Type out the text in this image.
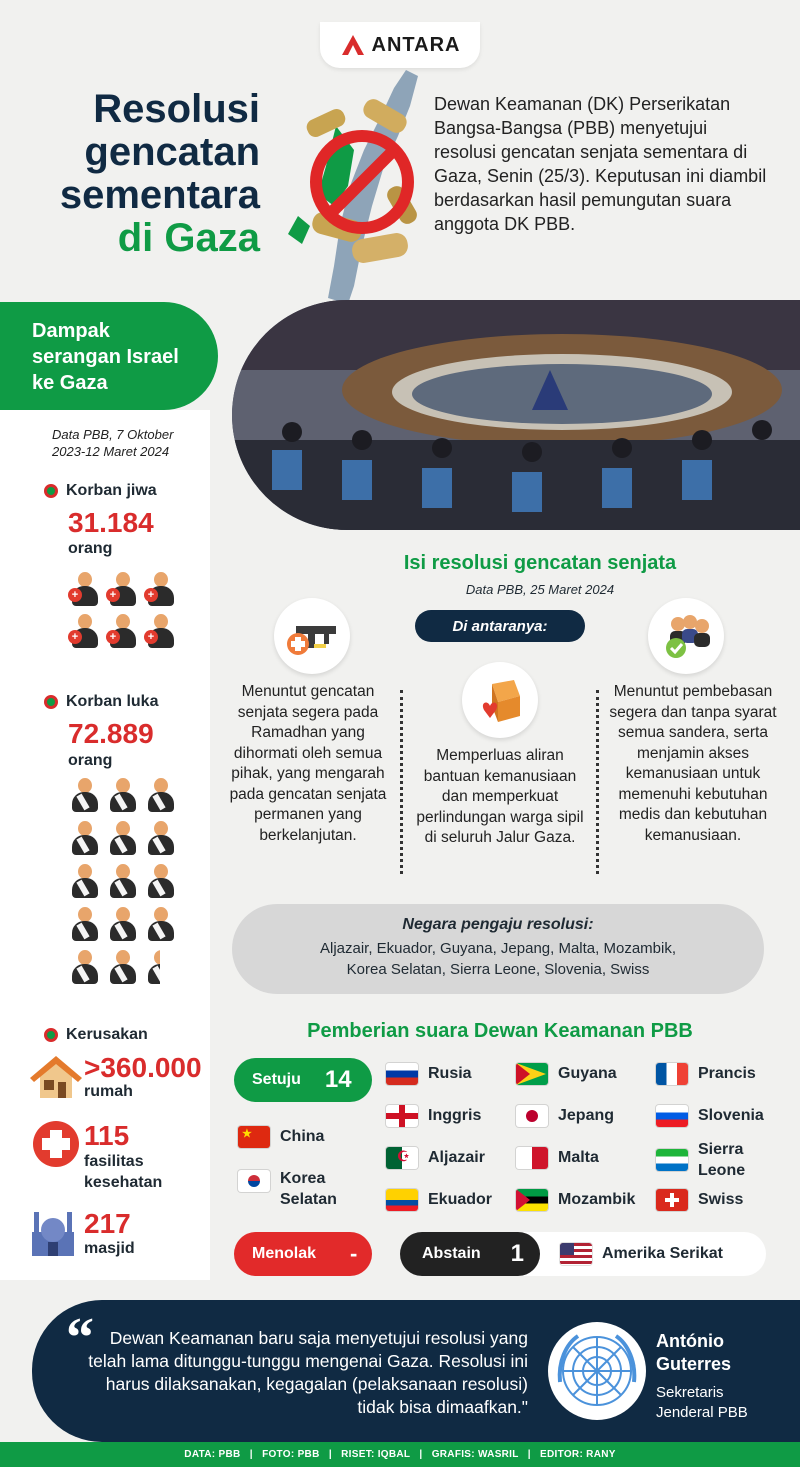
ANTARA
Resolusi
gencatan
sementara
di Gaza
Dewan Keamanan (DK) Perserikatan Bangsa-Bangsa (PBB) menyetujui resolusi gencatan senjata sementara di Gaza, Senin (25/3). Keputusan ini diambil berdasarkan hasil pemungutan suara anggota DK PBB.
Dampak
serangan Israel
ke Gaza
Data PBB, 7 Oktober
2023-12 Maret 2024
Korban jiwa
31.184
orang
+	+	+
+	+	+
Korban luka
72.889
orang
Kerusakan
>360.000
rumah
115
fasilitas
kesehatan
217
masjid
Isi resolusi gencatan senjata
Data PBB, 25 Maret 2024
Di antaranya:
Menuntut gencatan senjata segera pada Ramadhan yang dihormati oleh semua pihak, yang mengarah pada gencatan senjata permanen yang berkelanjutan.
Memperluas aliran bantuan kemanusiaan dan memperkuat perlindungan warga sipil di seluruh Jalur Gaza.
Menuntut pembebasan segera dan tanpa syarat semua sandera, serta menjamin akses kemanusiaan untuk memenuhi kebutuhan medis dan kebutuhan kemanusiaan.
Negara pengaju resolusi:
Aljazair, Ekuador, Guyana, Jepang, Malta, Mozambik,
Korea Selatan, Sierra Leone, Slovenia, Swiss
Pemberian suara Dewan Keamanan PBB
Setuju 14
★ China
Korea Selatan
Rusia
Inggris
☪ Aljazair
Ekuador
Guyana
Jepang
Malta
Mozambik
Prancis
Slovenia
Sierra Leone
Swiss
Menolak -	Abstain 1	Amerika Serikat
“ Dewan Keamanan baru saja menyetujui resolusi yang telah lama ditunggu-tunggu mengenai Gaza. Resolusi ini harus dilaksanakan, kegagalan (pelaksanaan resolusi) tidak bisa dimaafkan."
António
Guterres
Sekretaris
Jenderal PBB
DATA: PBB   |   FOTO: PBB   |   RISET: IQBAL   |   GRAFIS: WASRIL   |   EDITOR: RANY
